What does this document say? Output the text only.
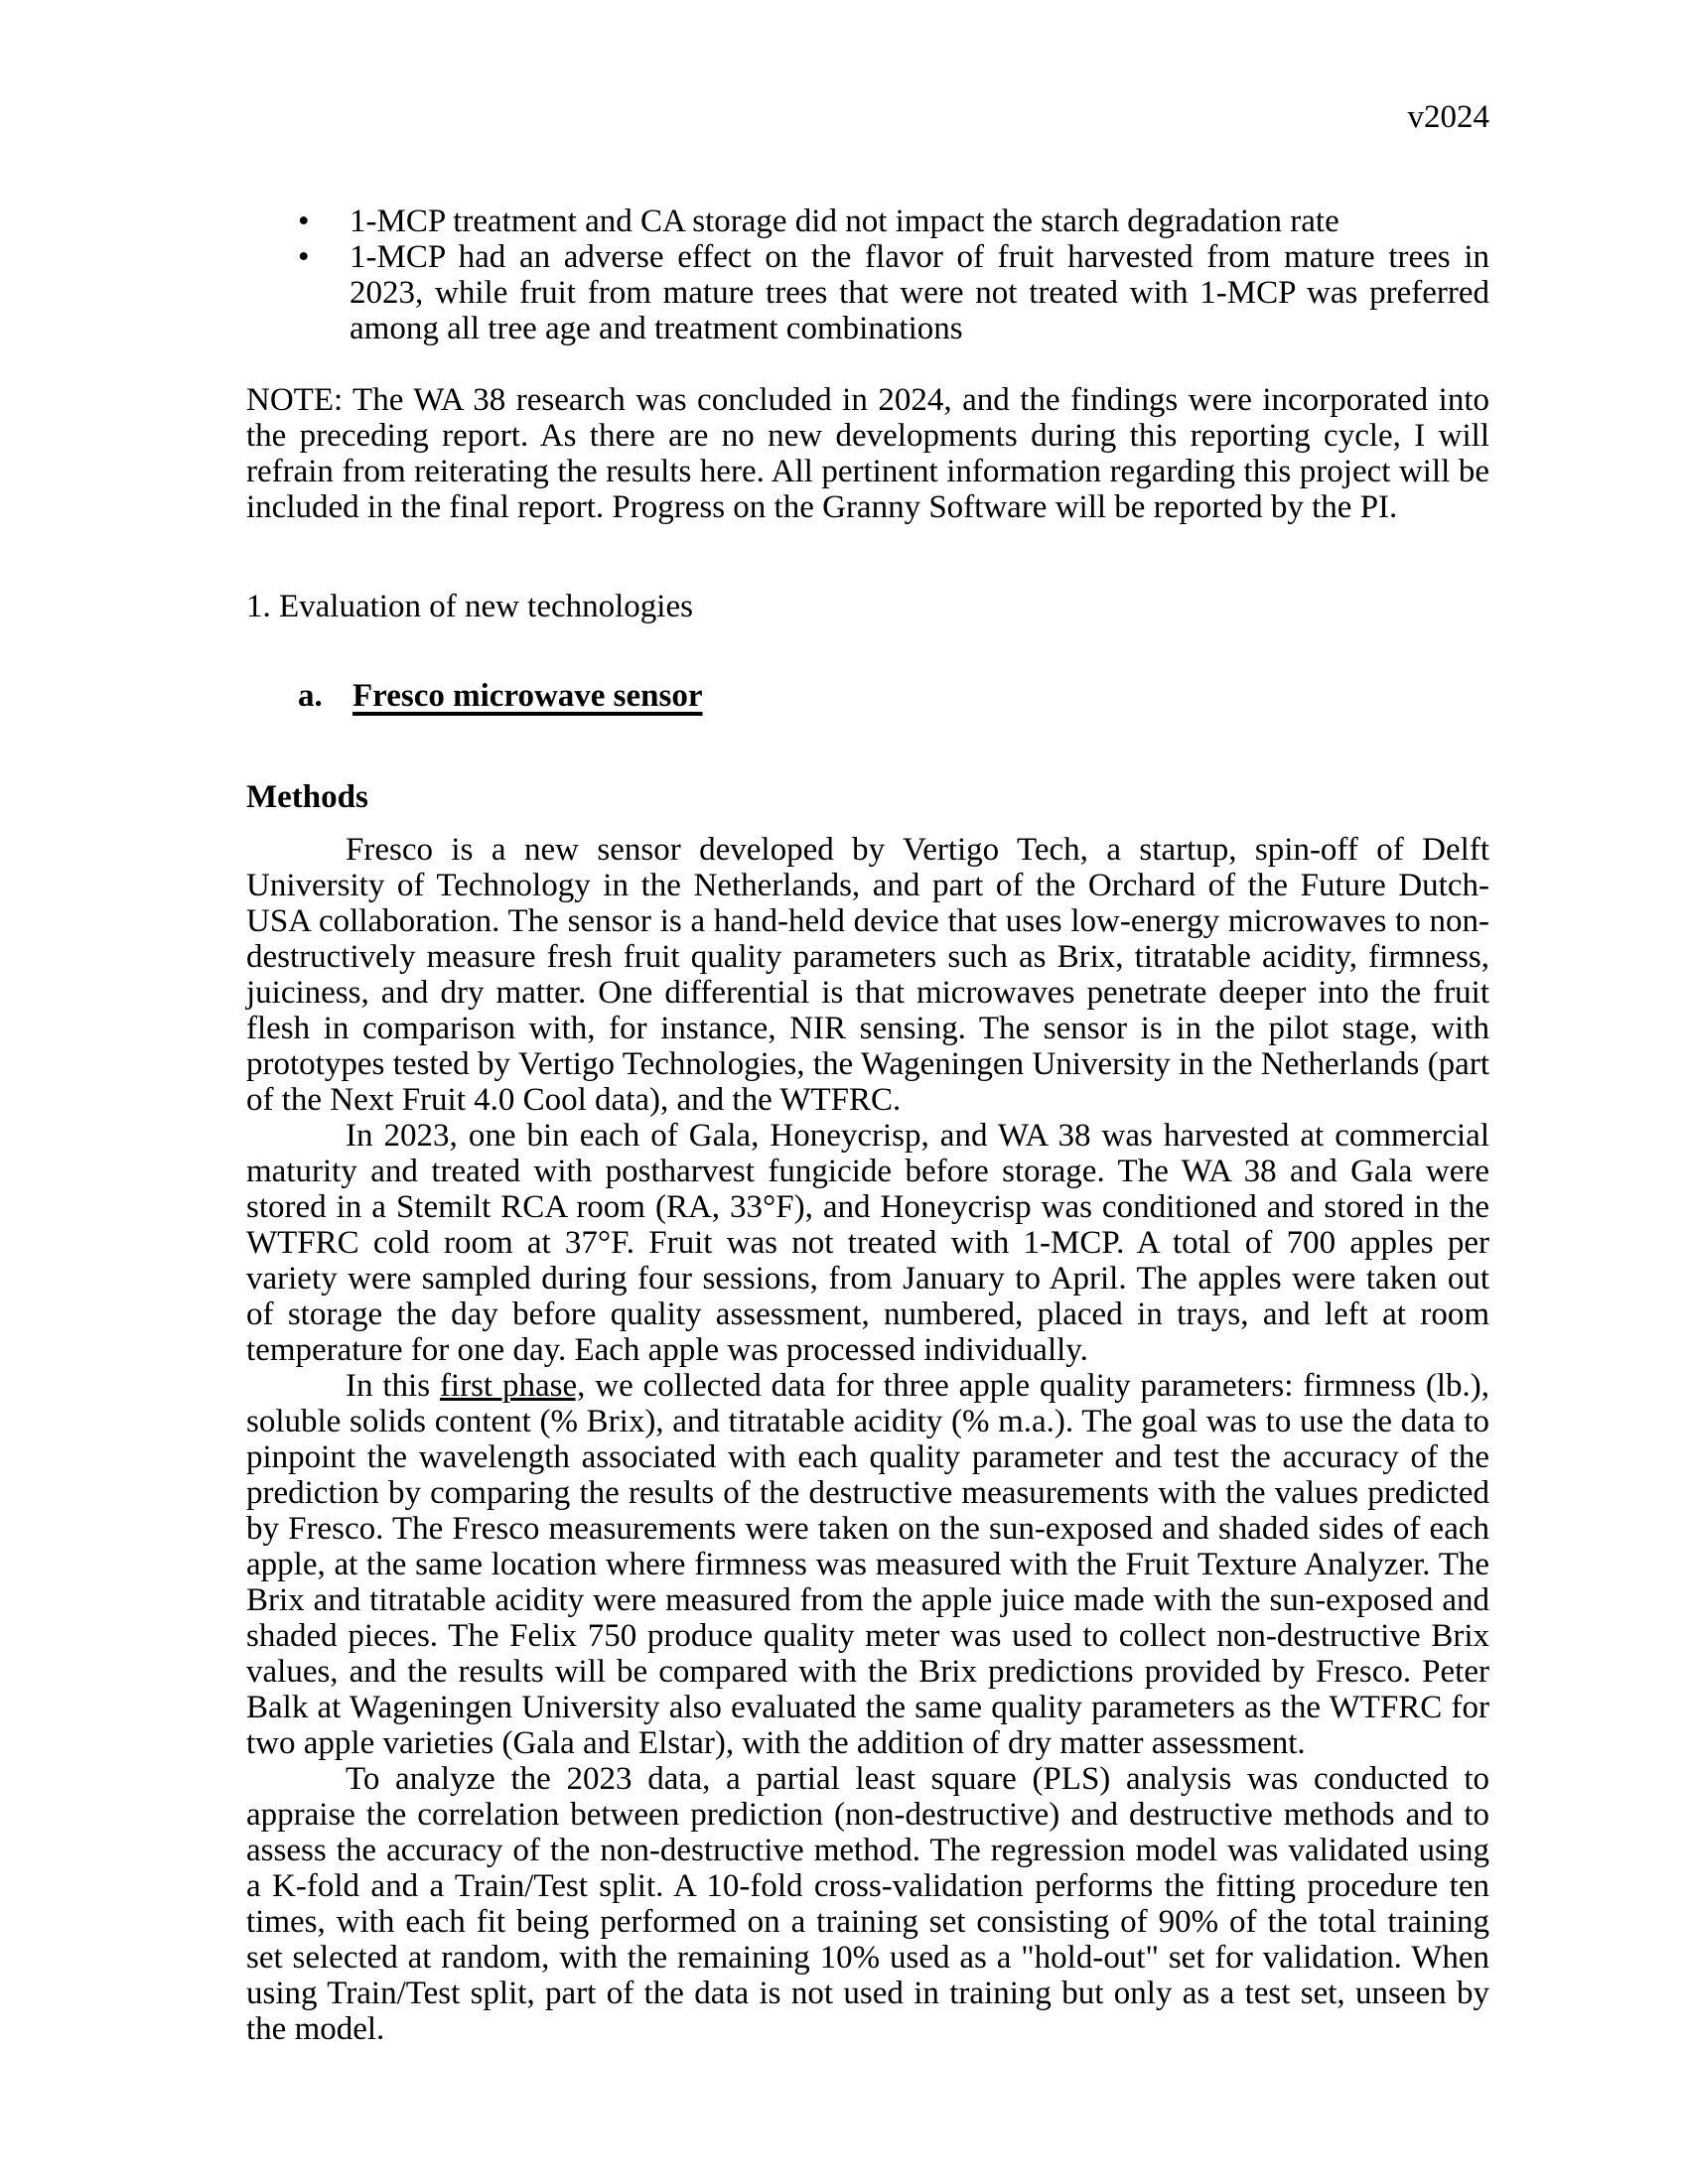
v2024
• 1-MCP treatment and CA storage did not impact the starch degradation rate
• 1-MCP had an adverse effect on the flavor of fruit harvested from mature trees in 2023, while fruit from mature trees that were not treated with 1-MCP was preferred among all tree age and treatment combinations

NOTE: The WA 38 research was concluded in 2024, and the findings were incorporated into the preceding report. As there are no new developments during this reporting cycle, I will refrain from reiterating the results here. All pertinent information regarding this project will be included in the final report. Progress on the Granny Software will be reported by the PI.

1. Evaluation of new technologies
a. Fresco microwave sensor
Methods

Fresco is a new sensor developed by Vertigo Tech, a startup, spin-off of Delft University of Technology in the Netherlands, and part of the Orchard of the Future Dutch-USA collaboration. The sensor is a hand-held device that uses low-energy microwaves to non-destructively measure fresh fruit quality parameters such as Brix, titratable acidity, firmness, juiciness, and dry matter. One differential is that microwaves penetrate deeper into the fruit flesh in comparison with, for instance, NIR sensing. The sensor is in the pilot stage, with prototypes tested by Vertigo Technologies, the Wageningen University in the Netherlands (part of the Next Fruit 4.0 Cool data), and the WTFRC.

In 2023, one bin each of Gala, Honeycrisp, and WA 38 was harvested at commercial maturity and treated with postharvest fungicide before storage. The WA 38 and Gala were stored in a Stemilt RCA room (RA, 33°F), and Honeycrisp was conditioned and stored in the WTFRC cold room at 37°F. Fruit was not treated with 1-MCP. A total of 700 apples per variety were sampled during four sessions, from January to April. The apples were taken out of storage the day before quality assessment, numbered, placed in trays, and left at room temperature for one day. Each apple was processed individually.

In this first phase, we collected data for three apple quality parameters: firmness (lb.), soluble solids content (% Brix), and titratable acidity (% m.a.). The goal was to use the data to pinpoint the wavelength associated with each quality parameter and test the accuracy of the prediction by comparing the results of the destructive measurements with the values predicted by Fresco. The Fresco measurements were taken on the sun-exposed and shaded sides of each apple, at the same location where firmness was measured with the Fruit Texture Analyzer. The Brix and titratable acidity were measured from the apple juice made with the sun-exposed and shaded pieces. The Felix 750 produce quality meter was used to collect non-destructive Brix values, and the results will be compared with the Brix predictions provided by Fresco. Peter Balk at Wageningen University also evaluated the same quality parameters as the WTFRC for two apple varieties (Gala and Elstar), with the addition of dry matter assessment.

To analyze the 2023 data, a partial least square (PLS) analysis was conducted to appraise the correlation between prediction (non-destructive) and destructive methods and to assess the accuracy of the non-destructive method. The regression model was validated using a K-fold and a Train/Test split. A 10-fold cross-validation performs the fitting procedure ten times, with each fit being performed on a training set consisting of 90% of the total training set selected at random, with the remaining 10% used as a "hold-out" set for validation. When using Train/Test split, part of the data is not used in training but only as a test set, unseen by the model.
